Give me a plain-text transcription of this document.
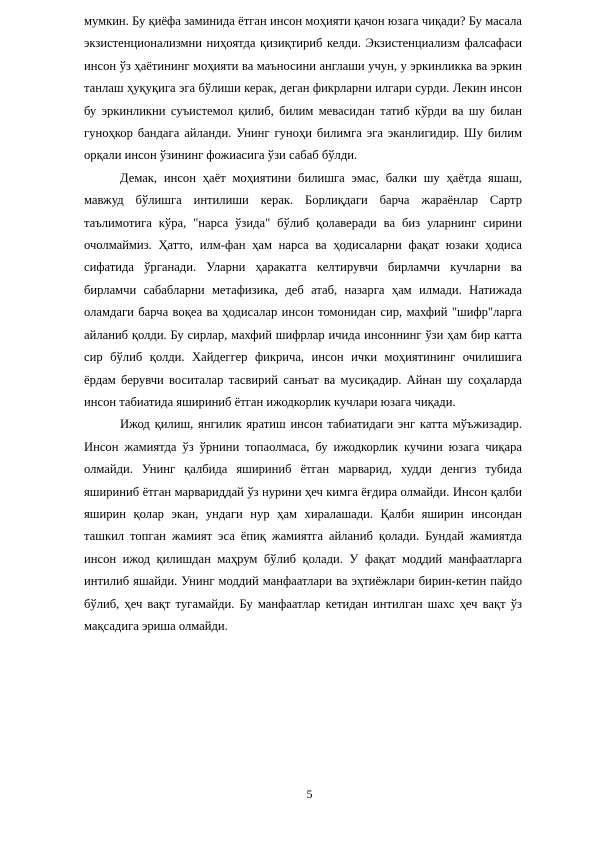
мумкин. Бу қиёфа заминида ётган инсон моҳияти қачон юзага чиқади? Бу масала экзистенционализмни ниҳоятда қизиқтириб келди. Экзистенциализм фалсафаси инсон ўз ҳаётининг моҳияти ва маъносини англаши учун, у эркинликка ва эркин танлаш ҳуқуқига эга бўлиши керак, деган фикрларни илгари сурди. Лекин инсон бу эркинликни суъистемол қилиб, билим мевасидан татиб кўрди ва шу билан гуноҳкор бандага айланди. Унинг гуноҳи билимга эга эканлигидир. Шу билим орқали инсон ўзининг фожиасига ўзи сабаб бўлди.

Демак, инсон ҳаёт моҳиятини билишга эмас, балки шу ҳаётда яшаш, мавжуд бўлишга интилиши керак. Борлиқдаги барча жараёнлар Сартр таълимотига кўра, "нарса ўзида" бўлиб қолаверади ва биз уларнинг сирини очолмаймиз. Ҳатто, илм-фан ҳам нарса ва ҳодисаларни фақат юзаки ҳодиса сифатида ўрганади. Уларни ҳаракатга келтирувчи бирламчи кучларни ва бирламчи сабабларни метафизика, деб атаб, назарга ҳам илмади. Натижада оламдаги барча воқеа ва ҳодисалар инсон томонидан сир, махфий "шифр"ларга айланиб қолди. Бу сирлар, махфий шифрлар ичида инсоннинг ўзи ҳам бир катта сир бўлиб қолди. Хайдеггер фикрича, инсон ички моҳиятининг очилишига ёрдам берувчи воситалар тасвирий санъат ва мусиқадир. Айнан шу соҳаларда инсон табиатида яшириниб ётган ижодкорлик кучлари юзага чиқади.

Ижод қилиш, янгилик яратиш инсон табиатидаги энг катта мўъжизадир. Инсон жамиятда ўз ўрнини топаолмаса, бу ижодкорлик кучини юзага чиқара олмайди. Унинг қалбида яшириниб ётган марварид, худди денгиз тубида яшириниб ётган марвариддай ўз нурини ҳеч кимга ёғдира олмайди. Инсон қалби яширин қолар экан, ундаги нур ҳам хиралашади. Қалби яширин инсондан ташкил топган жамият эса ёпиқ жамиятга айланиб қолади. Бундай жамиятда инсон ижод қилишдан маҳрум бўлиб қолади. У фақат моддий манфаатларга интилиб яшайди. Унинг моддий манфаатлари ва эҳтиёжлари бирин-кетин пайдо бўлиб, ҳеч вақт тугамайди. Бу манфаатлар кетидан интилган шахс ҳеч вақт ўз мақсадига эриша олмайди.

5
